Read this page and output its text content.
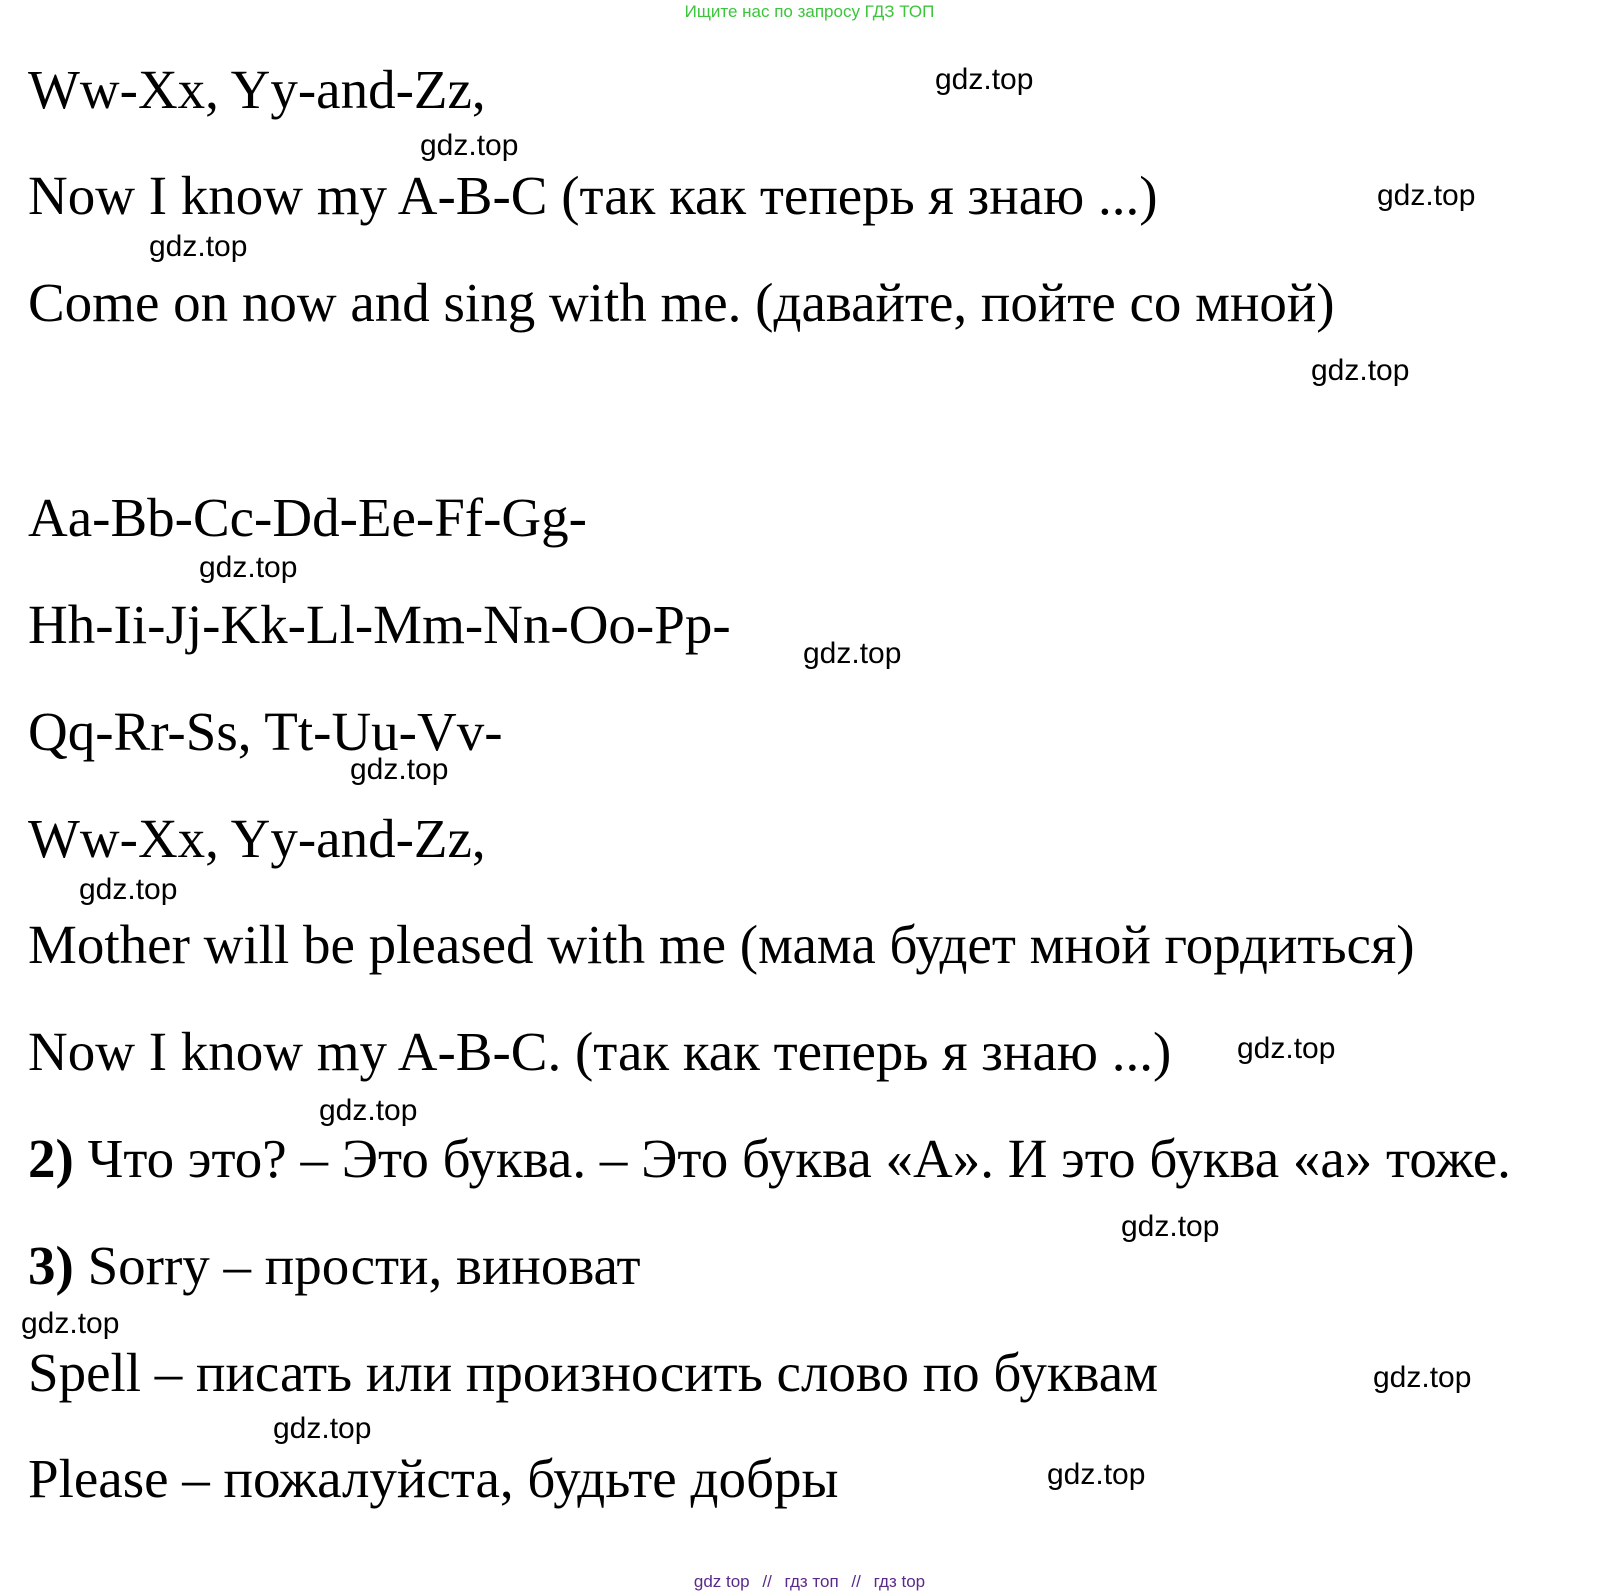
Ищите нас по запросу ГДЗ ТОП
Ww-Xx, Yy-and-Zz,
Now I know my A-B-C (так как теперь я знаю ...)
Come on now and sing with me. (давайте, пойте со мной)
Aa-Bb-Cc-Dd-Ee-Ff-Gg-
Hh-Ii-Jj-Kk-Ll-Mm-Nn-Oo-Pp-
Qq-Rr-Ss, Tt-Uu-Vv-
Ww-Xx, Yy-and-Zz,
Mother will be pleased with me (мама будет мной гордиться)
Now I know my A-B-C. (так как теперь я знаю ...)
2) Что это? – Это буква. – Это буква «А». И это буква «а» тоже.
3) Sorry – прости, виноват
Spell – писать или произносить слово по буквам
Please – пожалуйста, будьте добры
gdz.top
gdz.top
gdz.top
gdz.top
gdz.top
gdz.top
gdz.top
gdz.top
gdz.top
gdz.top
gdz.top
gdz.top
gdz.top
gdz.top
gdz.top
gdz.top
gdz top // гдз топ // гдз top
